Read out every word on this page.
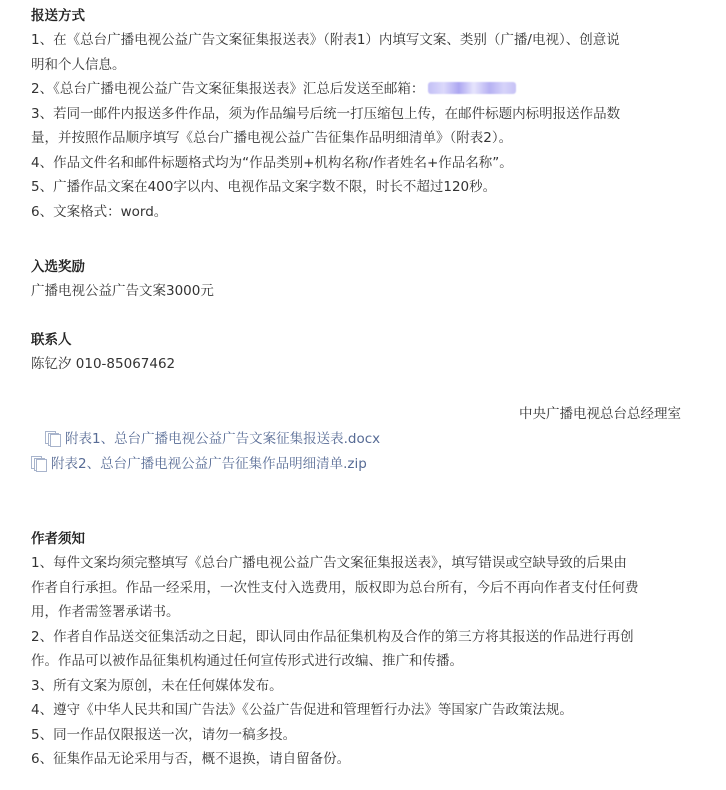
报送方式

1、在《总台广播电视公益广告文案征集报送表》（附表1）内填写文案、类别（广播/电视）、创意说

明和个人信息。

2、《总台广播电视公益广告文案征集报送表》汇总后发送至邮箱：

3、若同一邮件内报送多件作品，须为作品编号后统一打压缩包上传，在邮件标题内标明报送作品数

量，并按照作品顺序填写《总台广播电视公益广告征集作品明细清单》（附表2）。

4、作品文件名和邮件标题格式均为“作品类别+机构名称/作者姓名+作品名称”。

5、广播作品文案在400字以内、电视作品文案字数不限，时长不超过120秒。

6、文案格式：word。

入选奖励

广播电视公益广告文案3000元

联系人

陈钇汐 010-85067462

中央广播电视总台总经理室
附表1、总台广播电视公益广告文案征集报送表.docx
附表2、总台广播电视公益广告征集作品明细清单.zip

作者须知

1、每件文案均须完整填写《总台广播电视公益广告文案征集报送表》，填写错误或空缺导致的后果由

作者自行承担。作品一经采用，一次性支付入选费用，版权即为总台所有，今后不再向作者支付任何费

用，作者需签署承诺书。

2、作者自作品送交征集活动之日起，即认同由作品征集机构及合作的第三方将其报送的作品进行再创

作。作品可以被作品征集机构通过任何宣传形式进行改编、推广和传播。

3、所有文案为原创，未在任何媒体发布。

4、遵守《中华人民共和国广告法》《公益广告促进和管理暂行办法》等国家广告政策法规。

5、同一作品仅限报送一次，请勿一稿多投。

6、征集作品无论采用与否，概不退换，请自留备份。
